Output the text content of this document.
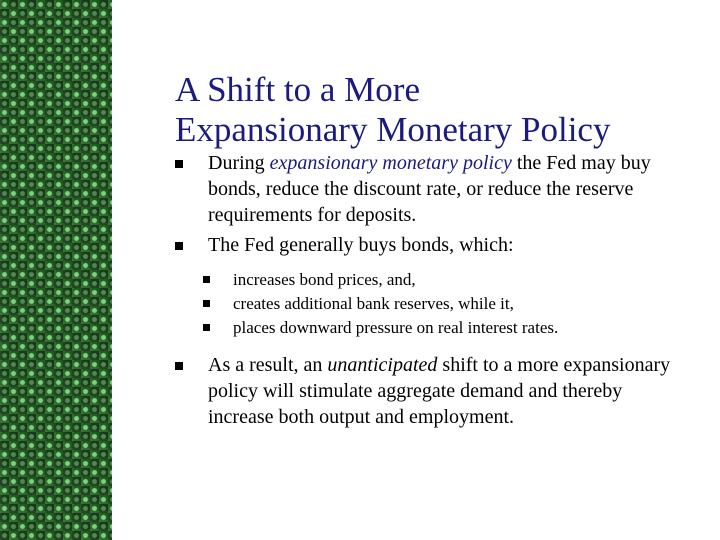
A Shift to a More
Expansionary Monetary Policy
During expansionary monetary policy the Fed may buy bonds, reduce the discount rate, or reduce the reserve requirements for deposits.
The Fed generally buys bonds, which:
increases bond prices, and,
creates additional bank reserves, while it,
places downward pressure on real interest rates.
As a result, an unanticipated shift to a more expansionary policy will stimulate aggregate demand and thereby increase both output and employment.
